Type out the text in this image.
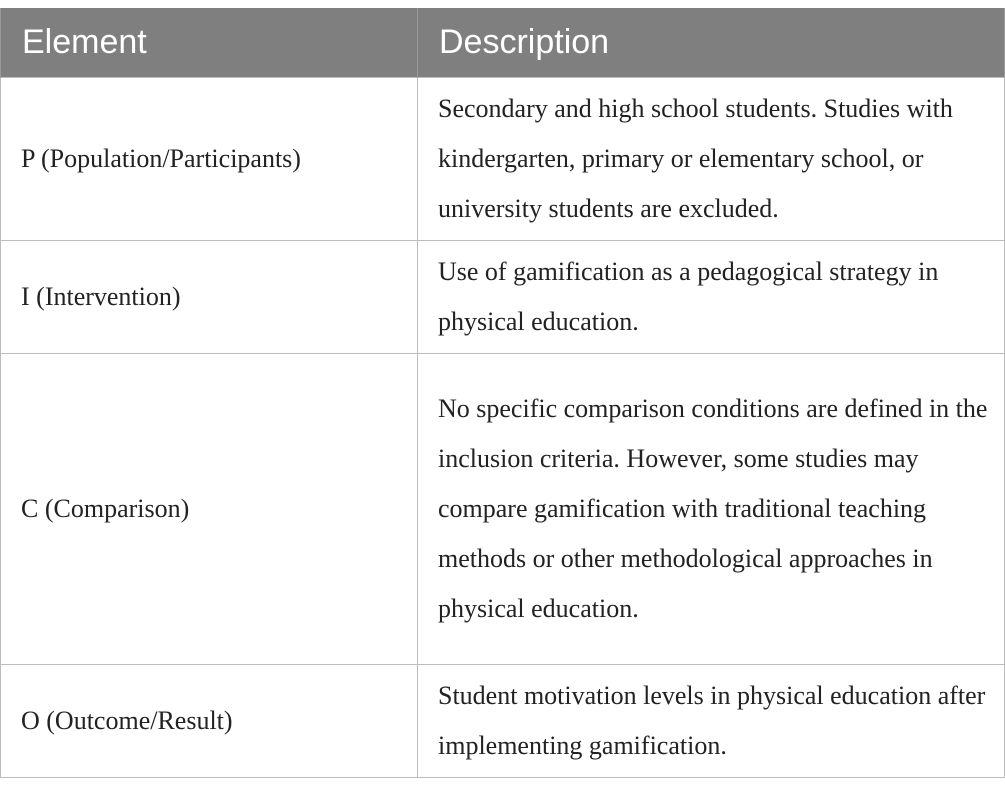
Element	Description
P (Population/Participants)	Secondary and high school students. Studies with kindergarten, primary or elementary school, or university students are excluded.
I (Intervention)	Use of gamification as a pedagogical strategy in physical education.
C (Comparison)	No specific comparison conditions are defined in the inclusion criteria. However, some studies may compare gamification with traditional teaching methods or other methodological approaches in physical education.
O (Outcome/Result)	Student motivation levels in physical education after implementing gamification.
